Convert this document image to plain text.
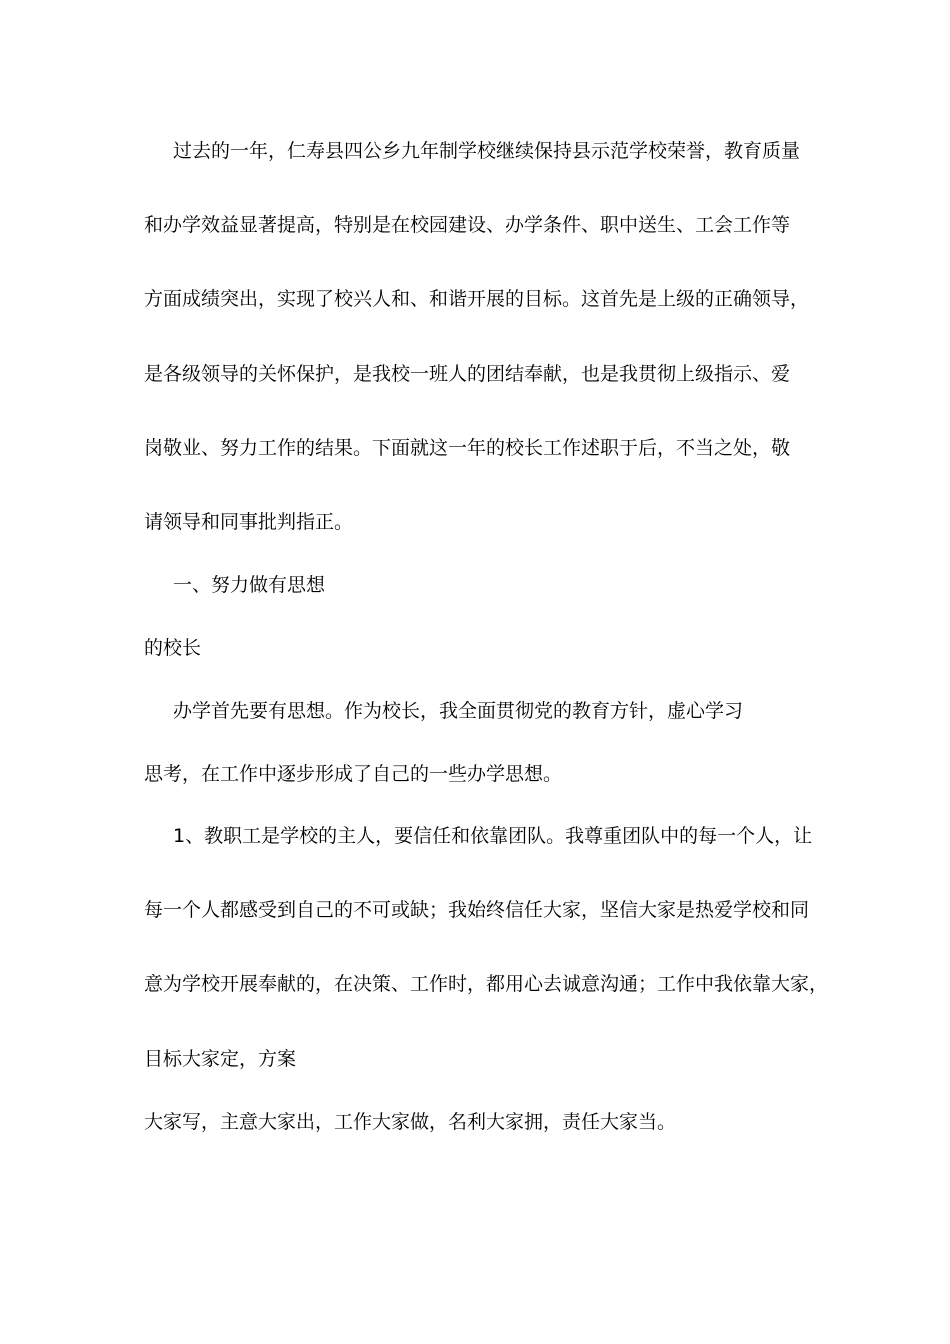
过去的一年，仁寿县四公乡九年制学校继续保持县示范学校荣誉，教育质量

和办学效益显著提高，特别是在校园建设、办学条件、职中送生、工会工作等

方面成绩突出，实现了校兴人和、和谐开展的目标。这首先是上级的正确领导，

是各级领导的关怀保护，是我校一班人的团结奉献，也是我贯彻上级指示、爱

岗敬业、努力工作的结果。下面就这一年的校长工作述职于后，不当之处，敬

请领导和同事批判指正。

一、努力做有思想

的校长

办学首先要有思想。作为校长，我全面贯彻党的教育方针，虚心学习

思考，在工作中逐步形成了自己的一些办学思想。

1、教职工是学校的主人，要信任和依靠团队。我尊重团队中的每一个人，让

每一个人都感受到自己的不可或缺；我始终信任大家，坚信大家是热爱学校和同

意为学校开展奉献的，在决策、工作时，都用心去诚意沟通；工作中我依靠大家，

目标大家定，方案

大家写，主意大家出，工作大家做，名利大家拥，责任大家当。
